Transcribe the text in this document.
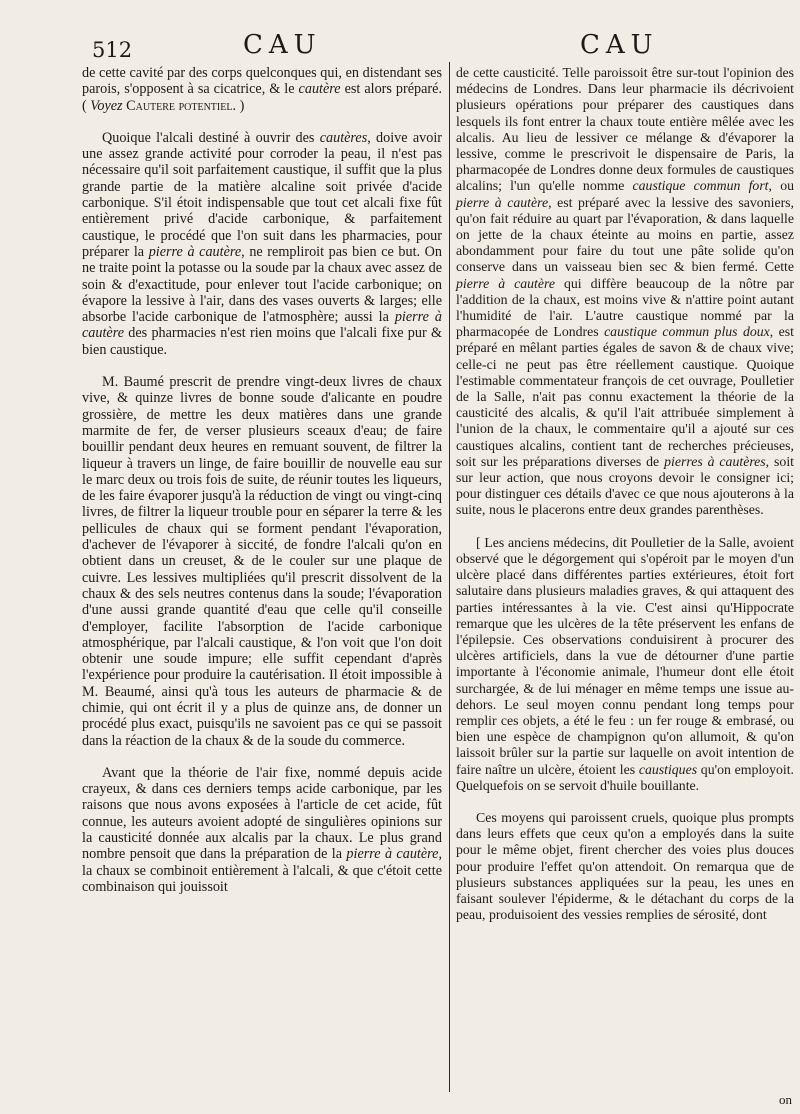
512	CAU	CAU

de cette cavité par des corps quelconques qui, en distendant ses parois, s'opposent à sa cicatrice, & le cautère est alors préparé. ( Voyez Cautere potentiel. )

Quoique l'alcali destiné à ouvrir des cautères, doive avoir une assez grande activité pour corroder la peau, il n'est pas nécessaire qu'il soit parfaitement caustique, il suffit que la plus grande partie de la matière alcaline soit privée d'acide carbonique. S'il étoit indispensable que tout cet alcali fixe fût entièrement privé d'acide carbonique, & parfaitement caustique, le procédé que l'on suit dans les pharmacies, pour préparer la pierre à cautère, ne rempliroit pas bien ce but. On ne traite point la potasse ou la soude par la chaux avec assez de soin & d'exactitude, pour enlever tout l'acide carbonique; on évapore la lessive à l'air, dans des vases ouverts & larges; elle absorbe l'acide carbonique de l'atmosphère; aussi la pierre à cautère des pharmacies n'est rien moins que l'alcali fixe pur & bien caustique.

M. Baumé prescrit de prendre vingt-deux livres de chaux vive, & quinze livres de bonne soude d'alicante en poudre grossière, de mettre les deux matières dans une grande marmite de fer, de verser plusieurs sceaux d'eau; de faire bouillir pendant deux heures en remuant souvent, de filtrer la liqueur à travers un linge, de faire bouillir de nouvelle eau sur le marc deux ou trois fois de suite, de réunir toutes les liqueurs, de les faire évaporer jusqu'à la réduction de vingt ou vingt-cinq livres, de filtrer la liqueur trouble pour en séparer la terre & les pellicules de chaux qui se forment pendant l'évaporation, d'achever de l'évaporer à siccité, de fondre l'alcali qu'on en obtient dans un creuset, & de le couler sur une plaque de cuivre. Les lessives multipliées qu'il prescrit dissolvent de la chaux & des sels neutres contenus dans la soude; l'évaporation d'une aussi grande quantité d'eau que celle qu'il conseille d'employer, facilite l'absorption de l'acide carbonique atmosphérique, par l'alcali caustique, & l'on voit que l'on doit obtenir une soude impure; elle suffit cependant d'après l'expérience pour produire la cautérisation. Il étoit impossible à M. Beaumé, ainsi qu'à tous les auteurs de pharmacie & de chimie, qui ont écrit il y a plus de quinze ans, de donner un procédé plus exact, puisqu'ils ne savoient pas ce qui se passoit dans la réaction de la chaux & de la soude du commerce.

Avant que la théorie de l'air fixe, nommé depuis acide crayeux, & dans ces derniers temps acide carbonique, par les raisons que nous avons exposées à l'article de cet acide, fût connue, les auteurs avoient adopté de singulières opinions sur la causticité donnée aux alcalis par la chaux. Le plus grand nombre pensoit que dans la préparation de la pierre à cautère, la chaux se combinoit entièrement à l'alcali, & que c'étoit cette combinaison qui jouissoit

de cette causticité. Telle paroissoit être sur-tout l'opinion des médecins de Londres. Dans leur pharmacie ils décrivoient plusieurs opérations pour préparer des caustiques dans lesquels ils font entrer la chaux toute entière mêlée avec les alcalis. Au lieu de lessiver ce mélange & d'évaporer la lessive, comme le prescrivoit le dispensaire de Paris, la pharmacopée de Londres donne deux formules de caustiques alcalins; l'un qu'elle nomme caustique commun fort, ou pierre à cautère, est préparé avec la lessive des savoniers, qu'on fait réduire au quart par l'évaporation, & dans laquelle on jette de la chaux éteinte au moins en partie, assez abondamment pour faire du tout une pâte solide qu'on conserve dans un vaisseau bien sec & bien fermé. Cette pierre à cautère qui diffère beaucoup de la nôtre par l'addition de la chaux, est moins vive & n'attire point autant l'humidité de l'air. L'autre caustique nommé par la pharmacopée de Londres caustique commun plus doux, est préparé en mêlant parties égales de savon & de chaux vive; celle-ci ne peut pas être réellement caustique. Quoique l'estimable commentateur françois de cet ouvrage, Poulletier de la Salle, n'ait pas connu exactement la théorie de la causticité des alcalis, & qu'il l'ait attribuée simplement à l'union de la chaux, le commentaire qu'il a ajouté sur ces caustiques alcalins, contient tant de recherches précieuses, soit sur les préparations diverses de pierres à cautères, soit sur leur action, que nous croyons devoir le consigner ici; pour distinguer ces détails d'avec ce que nous ajouterons à la suite, nous le placerons entre deux grandes parenthèses.

[ Les anciens médecins, dit Poulletier de la Salle, avoient observé que le dégorgement qui s'opéroit par le moyen d'un ulcère placé dans différentes parties extérieures, étoit fort salutaire dans plusieurs maladies graves, & qui attaquent des parties intéressantes à la vie. C'est ainsi qu'Hippocrate remarque que les ulcères de la tête préservent les enfans de l'épilepsie. Ces observations conduisirent à procurer des ulcères artificiels, dans la vue de détourner d'une partie importante à l'économie animale, l'humeur dont elle étoit surchargée, & de lui ménager en même temps une issue au-dehors. Le seul moyen connu pendant long temps pour remplir ces objets, a été le feu : un fer rouge & embrasé, ou bien une espèce de champignon qu'on allumoit, & qu'on laissoit brûler sur la partie sur laquelle on avoit intention de faire naître un ulcère, étoient les caustiques qu'on employoit. Quelquefois on se servoit d'huile bouillante.

Ces moyens qui paroissent cruels, quoique plus prompts dans leurs effets que ceux qu'on a employés dans la suite pour le même objet, firent chercher des voies plus douces pour produire l'effet qu'on attendoit. On remarqua que de plusieurs substances appliquées sur la peau, les unes en faisant soulever l'épiderme, & le détachant du corps de la peau, produisoient des vessies remplies de sérosité, dont

on
